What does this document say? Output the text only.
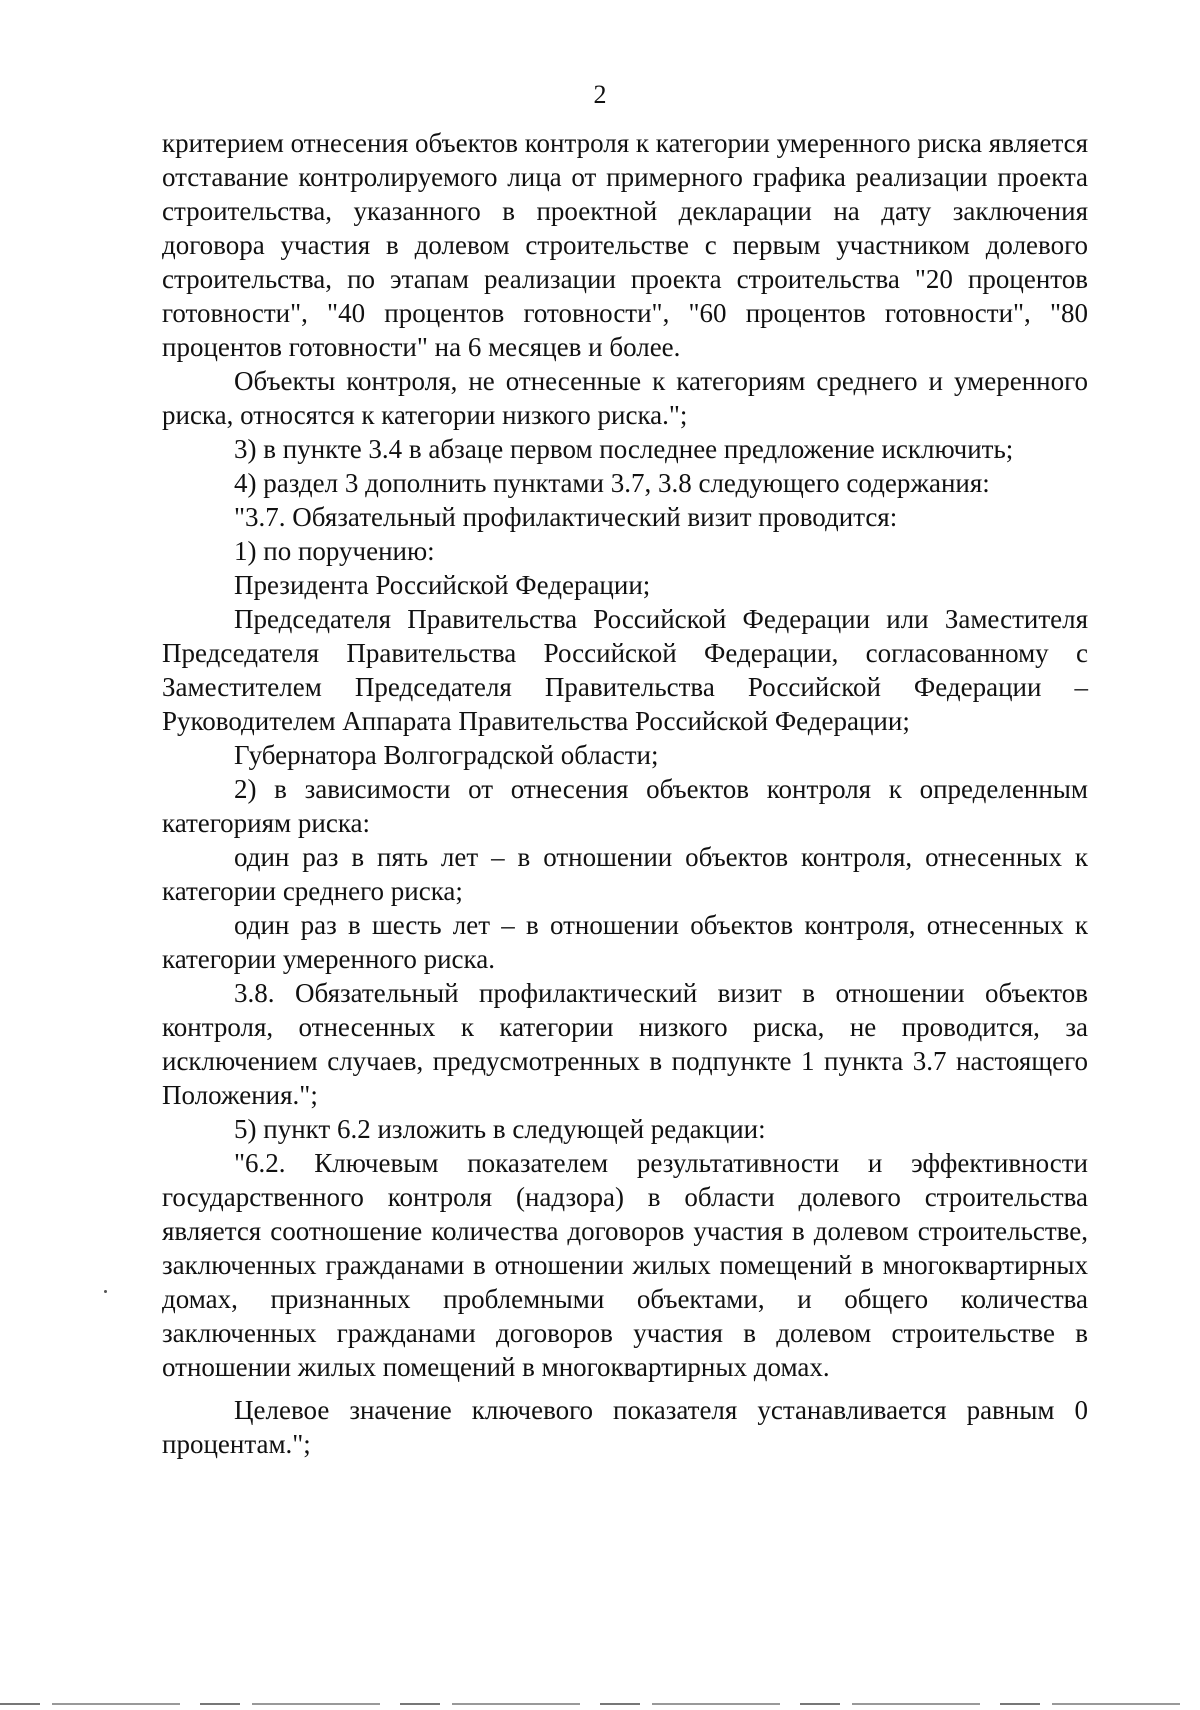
2

критерием отнесения объектов контроля к категории умеренного риска является отставание контролируемого лица от примерного графика реализации проекта строительства, указанного в проектной декларации на дату заключения договора участия в долевом строительстве с первым участником долевого строительства, по этапам реализации проекта строительства "20 процентов готовности", "40 процентов готовности", "60 процентов готовности", "80 процентов готовности" на 6 месяцев и более.

Объекты контроля, не отнесенные к категориям среднего и умеренного риска, относятся к категории низкого риска.";

3) в пункте 3.4 в абзаце первом последнее предложение исключить;

4) раздел 3 дополнить пунктами 3.7, 3.8 следующего содержания:

"3.7. Обязательный профилактический визит проводится:

1) по поручению:

Президента Российской Федерации;

Председателя Правительства Российской Федерации или Заместителя Председателя Правительства Российской Федерации, согласованному с Заместителем Председателя Правительства Российской Федерации – Руководителем Аппарата Правительства Российской Федерации;

Губернатора Волгоградской области;

2) в зависимости от отнесения объектов контроля к определенным категориям риска:

один раз в пять лет – в отношении объектов контроля, отнесенных к категории среднего риска;

один раз в шесть лет – в отношении объектов контроля, отнесенных к категории умеренного риска.

3.8. Обязательный профилактический визит в отношении объектов контроля, отнесенных к категории низкого риска, не проводится, за исключением случаев, предусмотренных в подпункте 1 пункта 3.7 настоящего Положения.";

5) пункт 6.2 изложить в следующей редакции:

"6.2. Ключевым показателем результативности и эффективности государственного контроля (надзора) в области долевого строительства является соотношение количества договоров участия в долевом строительстве, заключенных гражданами в отношении жилых помещений в многоквартирных домах, признанных проблемными объектами, и общего количества заключенных гражданами договоров участия в долевом строительстве в отношении жилых помещений в многоквартирных домах.

Целевое значение ключевого показателя устанавливается равным 0 процентам.";
